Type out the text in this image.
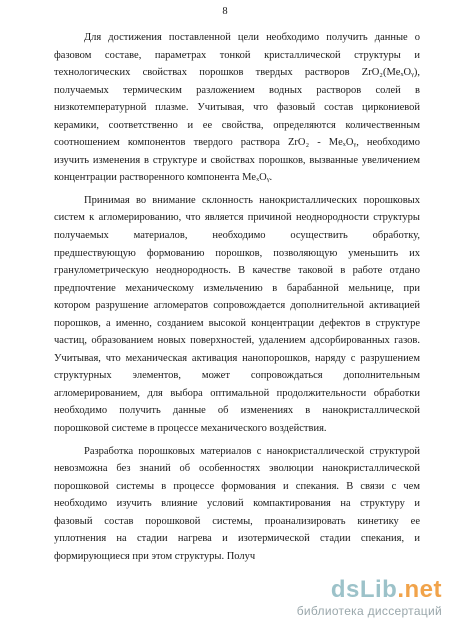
8
Для достижения поставленной цели необходимо получить данные о
фазовом составе, параметрах тонкой кристаллической структуры и
технологических свойствах порошков твердых растворов ZrO₂(MeₓOᵧ),
получаемых термическим разложением водных растворов солей в
низкотемпературной плазме. Учитывая, что фазовый состав циркониевой
керамики, соответственно и ее свойства, определяются количественным
соотношением компонентов твердого раствора ZrO₂ - MeₓOᵧ, необходимо
изучить изменения в структуре и свойствах порошков, вызванные увеличением
концентрации растворенного компонента MeₓOᵧ.
Принимая во внимание склонность нанокристаллических порошковых
систем к агломерированию, что является причиной неоднородности структуры
получаемых материалов, необходимо осуществить обработку,
предшествующую формованию порошков, позволяющую уменьшить их
гранулометрическую неоднородность. В качестве таковой в работе отдано
предпочтение механическому измельчению в барабанной мельнице, при
котором разрушение агломератов сопровождается дополнительной активацией
порошков, а именно, созданием высокой концентрации дефектов в структуре
частиц, образованием новых поверхностей, удалением адсорбированных газов.
Учитывая, что механическая активация нанопорошков, наряду с разрушением
структурных элементов, может сопровождаться дополнительным
агломерированием, для выбора оптимальной продолжительности обработки
необходимо получить данные об изменениях в нанокристаллической
порошковой системе в процессе механического воздействия.
Разработка порошковых материалов с нанокристаллической структурой
невозможна без знаний об особенностях эволюции нанокристаллической
порошковой системы в процессе формования и спекания. В связи с чем
необходимо изучить влияние условий компактирования на структуру и
фазовый состав порошковой системы, проанализировать кинетику ее
уплотнения на стадии нагрева и изотермической стадии спекания, и
формирующиеся при этом структуры. Получ
dsLib.net
библиотека диссертаций
